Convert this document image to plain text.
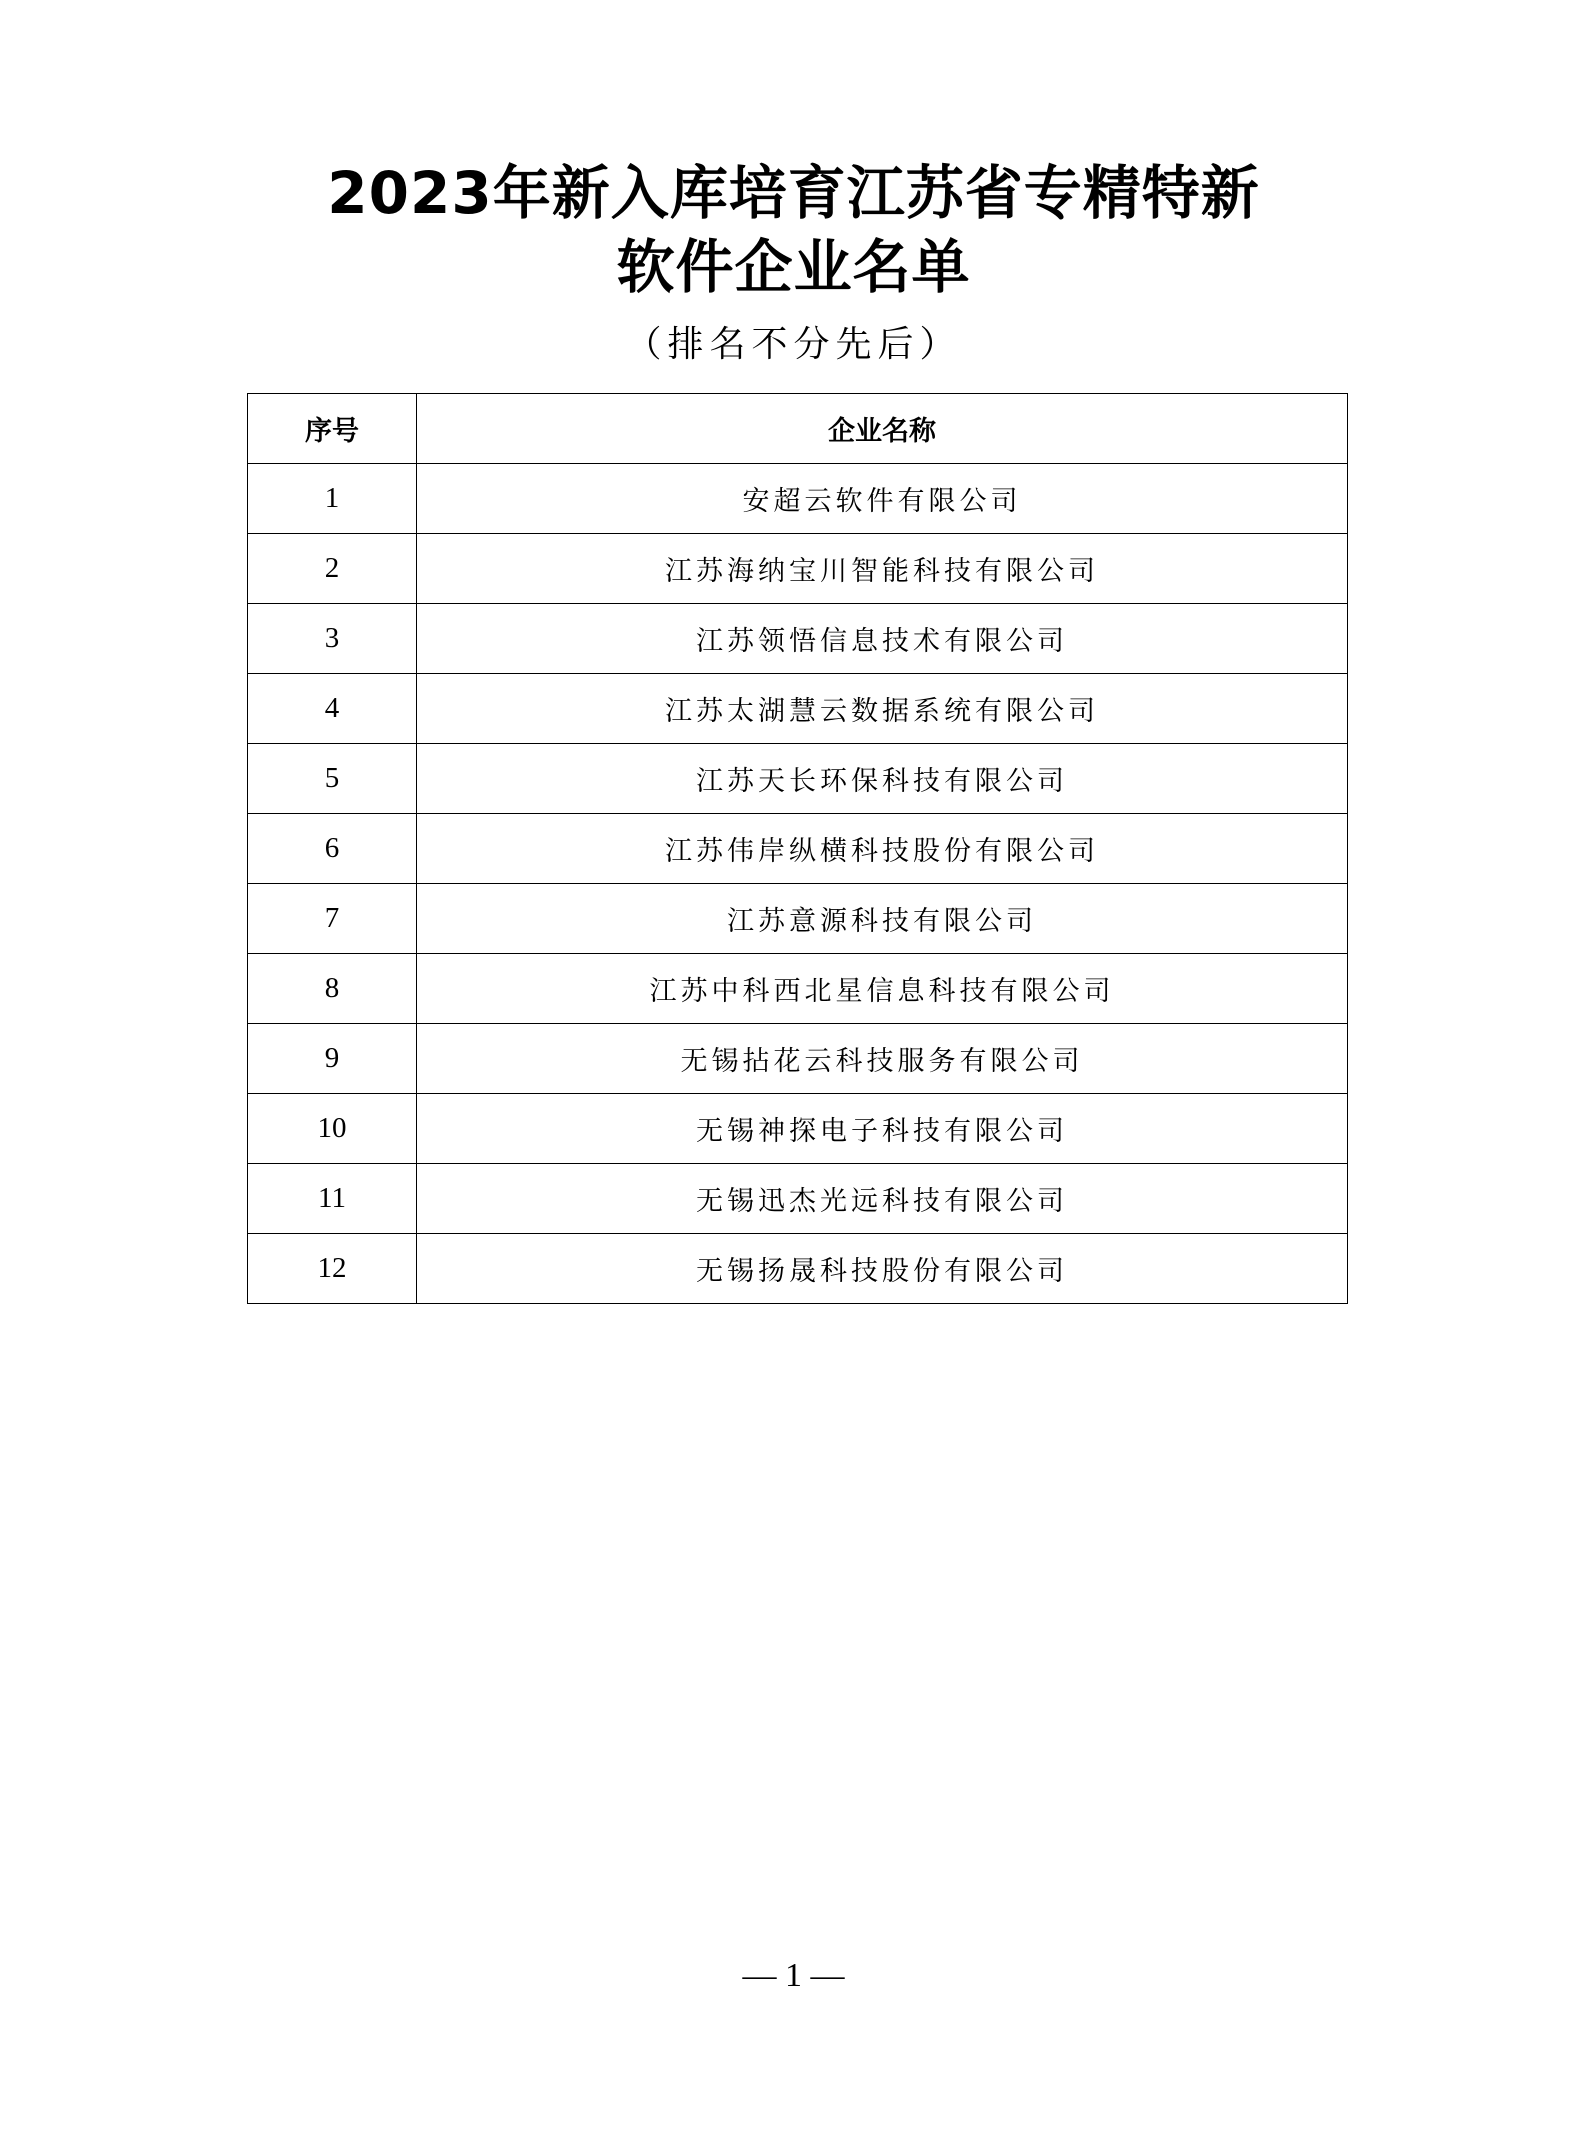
2023年新入库培育江苏省专精特新
软件企业名单
（排名不分先后）
序号	企业名称
1	安超云软件有限公司
2	江苏海纳宝川智能科技有限公司
3	江苏领悟信息技术有限公司
4	江苏太湖慧云数据系统有限公司
5	江苏天长环保科技有限公司
6	江苏伟岸纵横科技股份有限公司
7	江苏意源科技有限公司
8	江苏中科西北星信息科技有限公司
9	无锡拈花云科技服务有限公司
10	无锡神探电子科技有限公司
11	无锡迅杰光远科技有限公司
12	无锡扬晟科技股份有限公司
— 1 —
